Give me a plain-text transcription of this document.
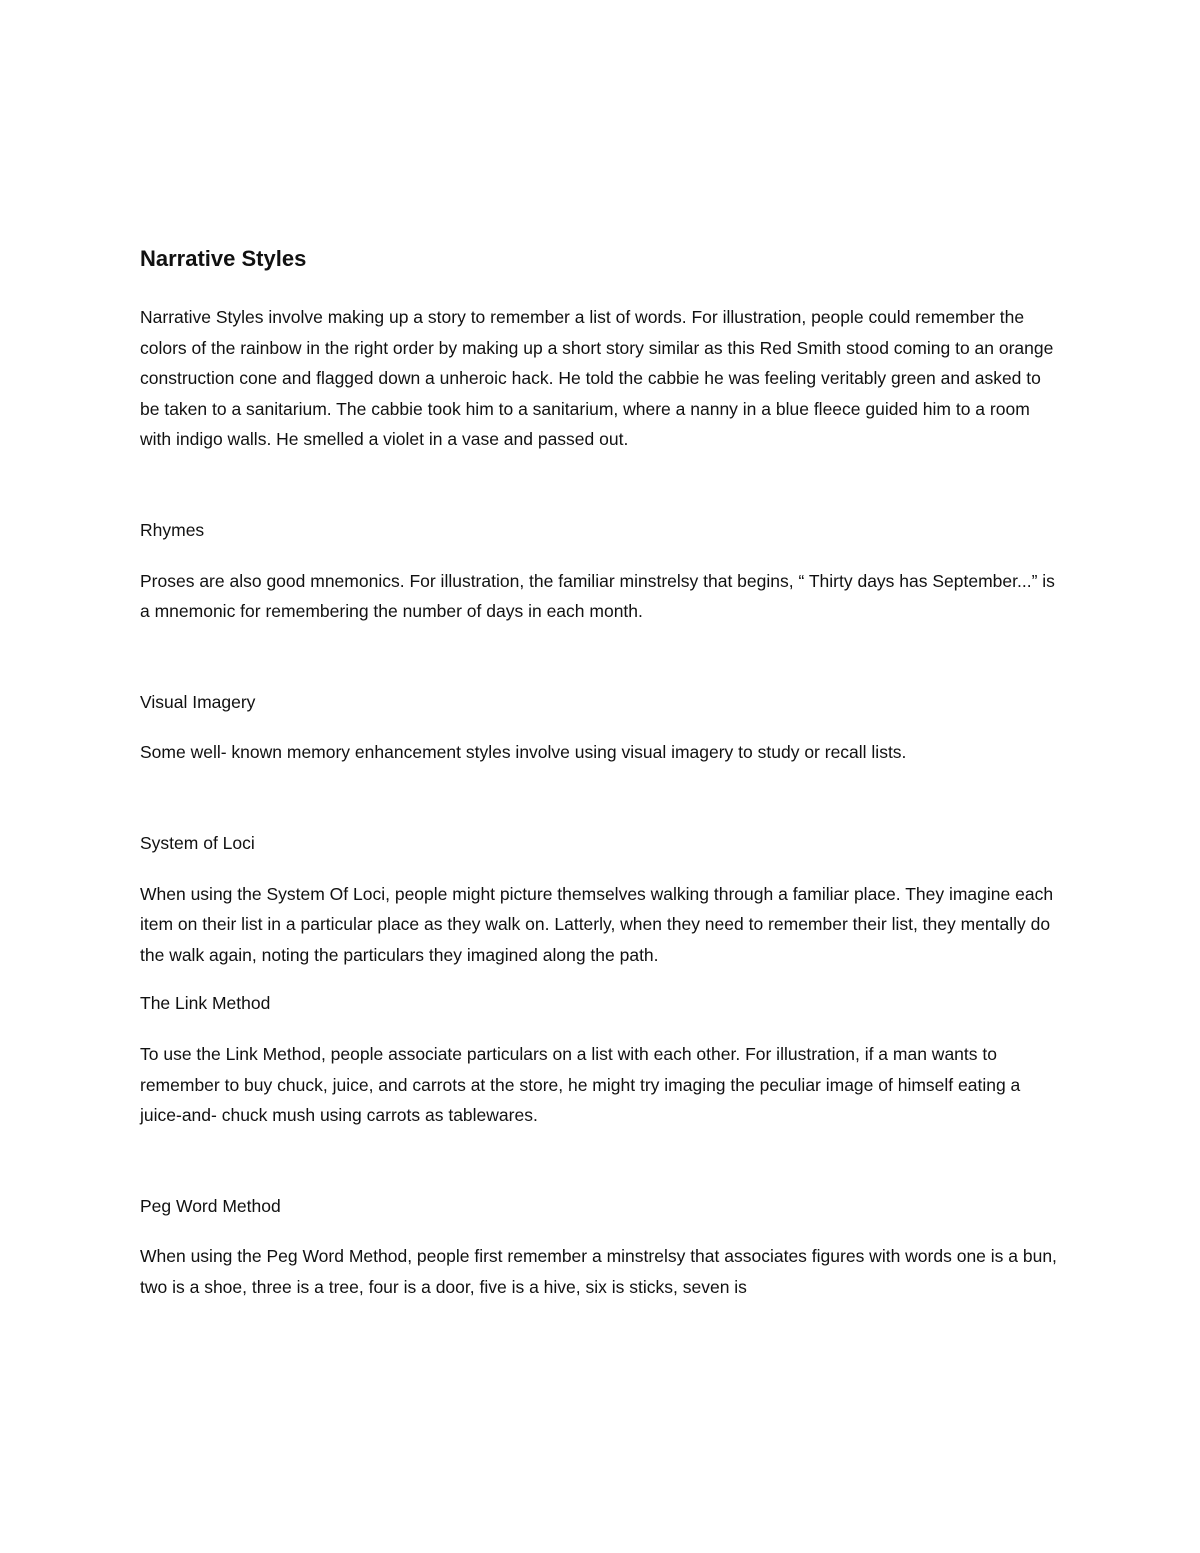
Narrative Styles

Narrative Styles involve making up a story to remember a list of words. For illustration, people could remember the colors of the rainbow in the right order by making up a short story similar as this Red Smith stood coming to an orange construction cone and flagged down a unheroic hack. He told the cabbie he was feeling veritably green and asked to be taken to a sanitarium. The cabbie took him to a sanitarium, where a nanny in a blue fleece guided him to a room with indigo walls. He smelled a violet in a vase and passed out.

Rhymes

Proses are also good mnemonics. For illustration, the familiar minstrelsy that begins, “ Thirty days has September...” is a mnemonic for remembering the number of days in each month.

Visual Imagery

Some well- known memory enhancement styles involve using visual imagery to study or recall lists.

System of Loci

When using the System Of Loci, people might picture themselves walking through a familiar place. They imagine each item on their list in a particular place as they walk on. Latterly, when they need to remember their list, they mentally do the walk again, noting the particulars they imagined along the path.

The Link Method

To use the Link Method, people associate particulars on a list with each other. For illustration, if a man wants to remember to buy chuck, juice, and carrots at the store, he might try imaging the peculiar image of himself eating a juice-and- chuck mush using carrots as tablewares.

Peg Word Method

When using the Peg Word Method, people first remember a minstrelsy that associates figures with words one is a bun, two is a shoe, three is a tree, four is a door, five is a hive, six is sticks, seven is
